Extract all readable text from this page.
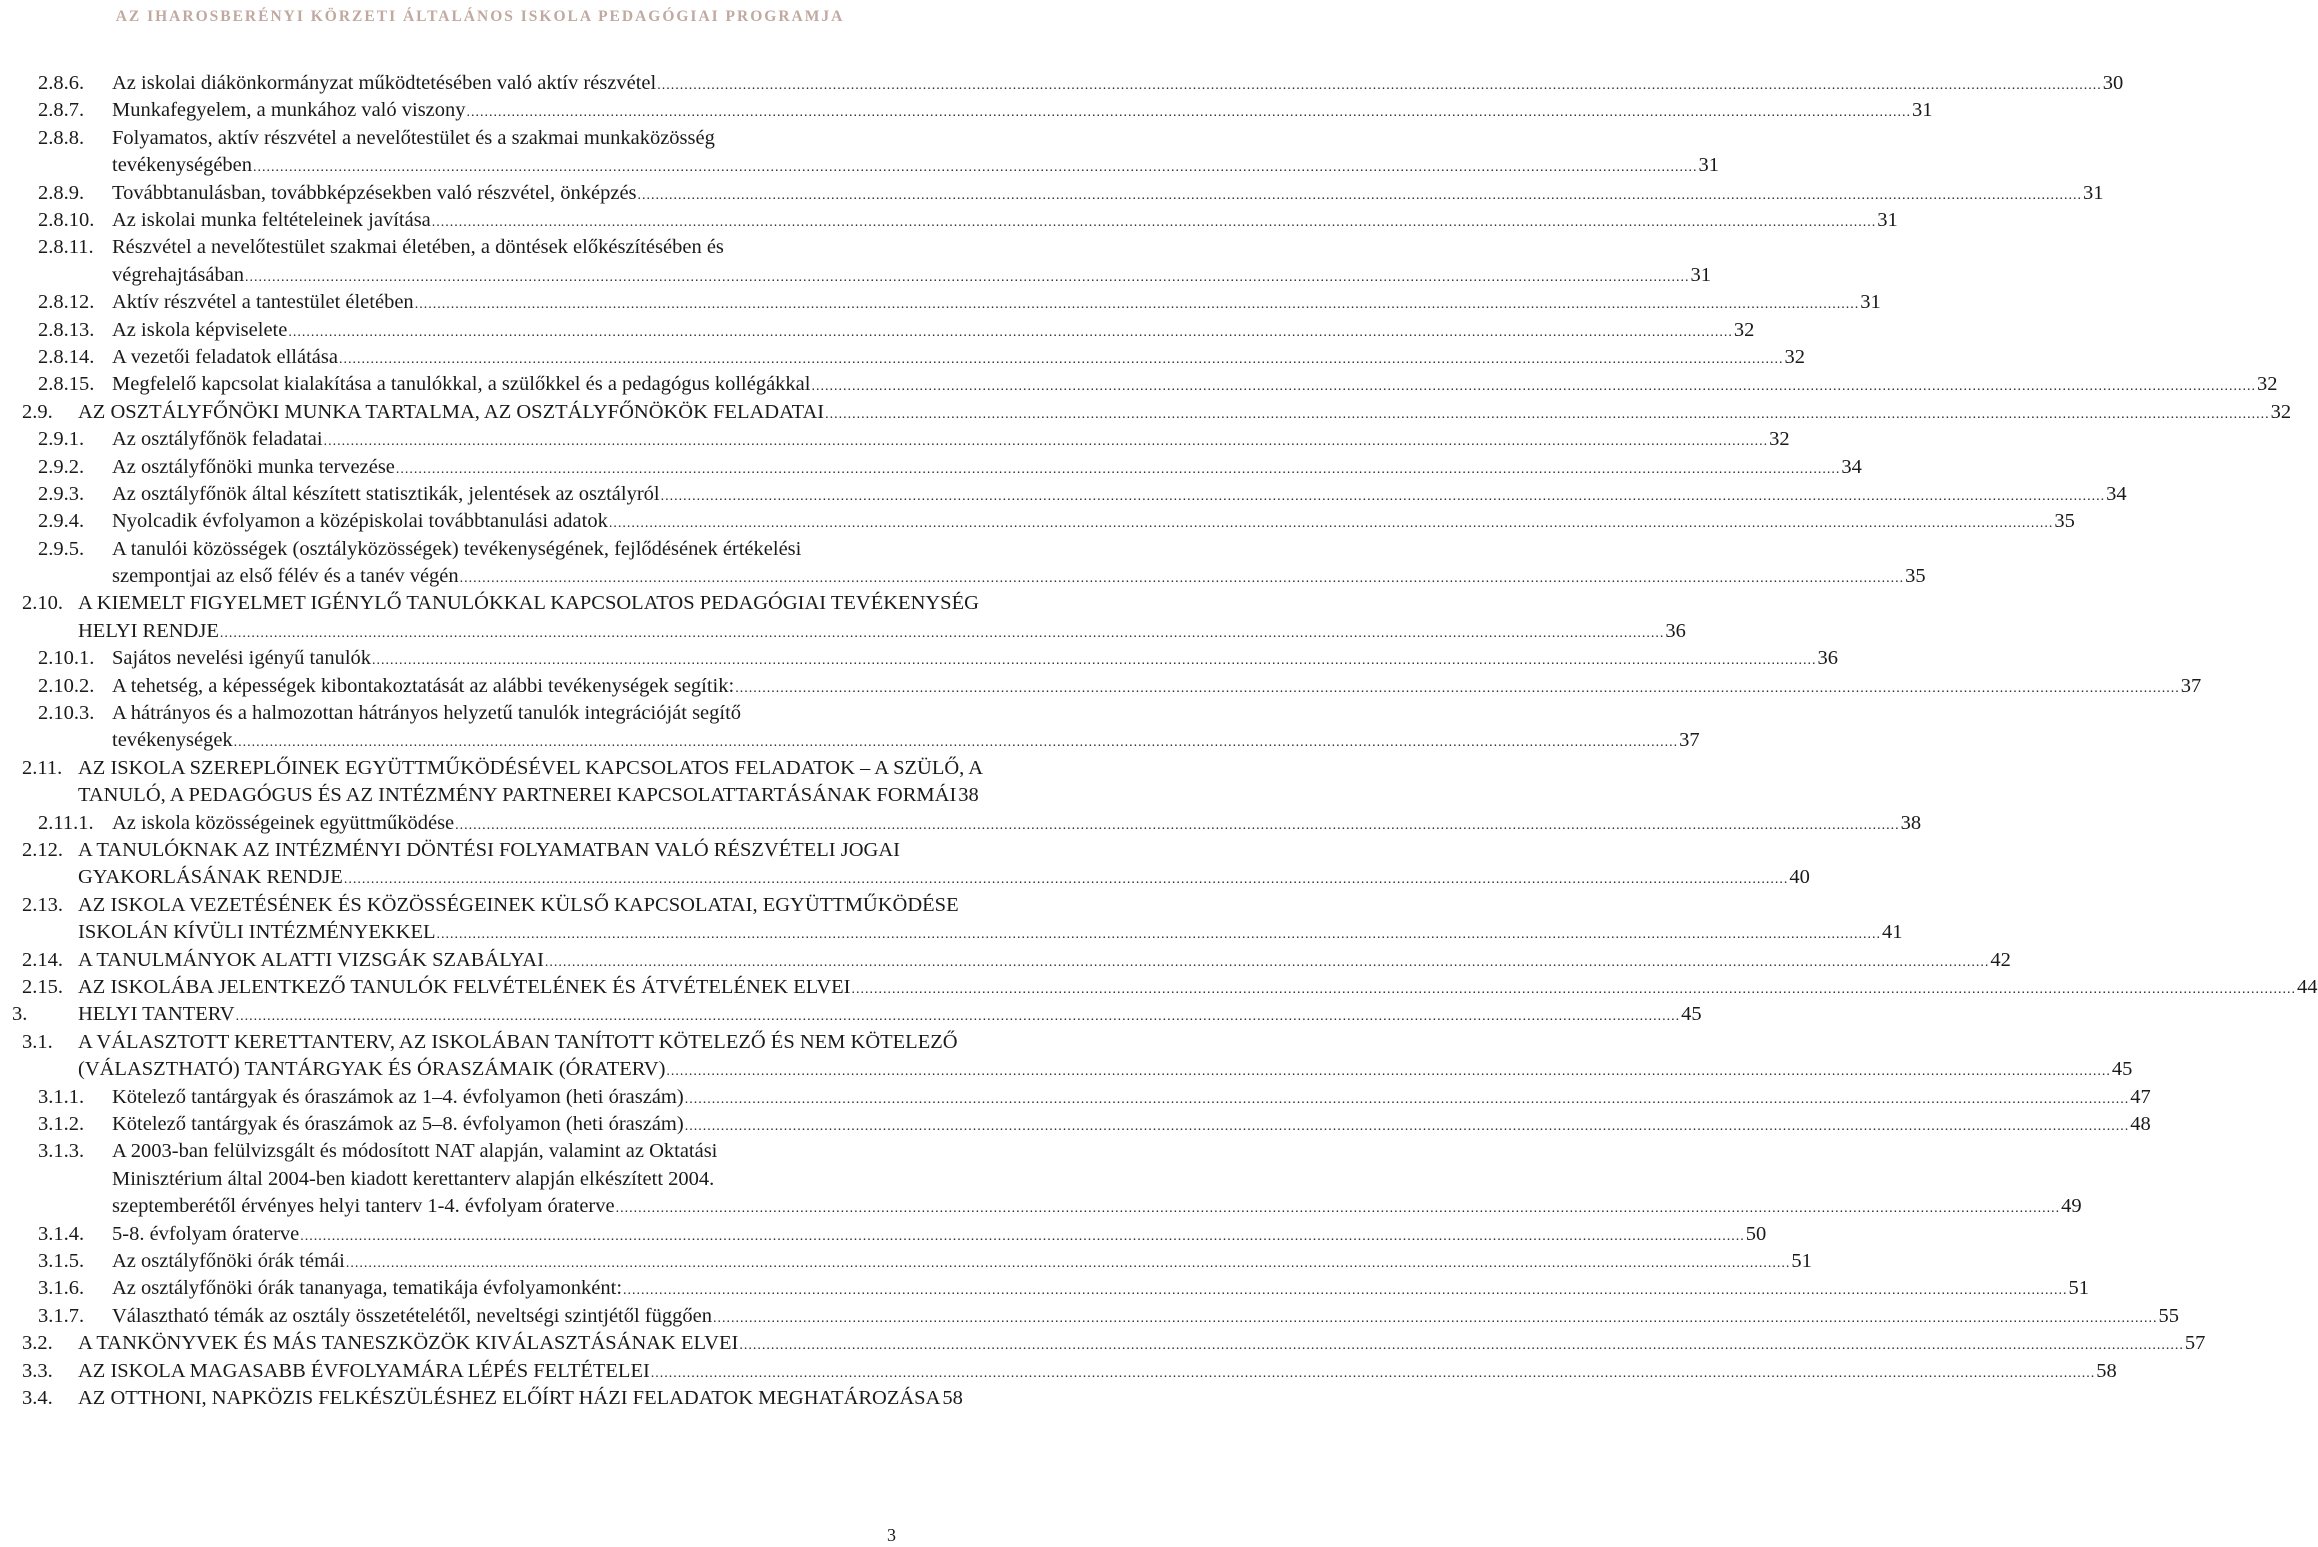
AZ IHAROSBERÉNYI KÖRZETI ÁLTALÁNOS ISKOLA PEDAGÓGIAI PROGRAMJA
2.8.6. Az iskolai diákönkormányzat működtetésében való aktív részvétel .....	30
2.8.7. Munkafegyelem, a munkához való viszony .....	31
2.8.8. Folyamatos, aktív részvétel a nevelőtestület és a szakmai munkaközösség
tevékenységében .....	31
2.8.9. Továbbtanulásban, továbbképzésekben való részvétel, önképzés .....	31
2.8.10. Az iskolai munka feltételeinek javítása .....	31
2.8.11. Részvétel a nevelőtestület szakmai életében, a döntések előkészítésében és
végrehajtásában .....	31
2.8.12. Aktív részvétel a tantestület életében .....	31
2.8.13. Az iskola képviselete .....	32
2.8.14. A vezetői feladatok ellátása .....	32
2.8.15. Megfelelő kapcsolat kialakítása a tanulókkal, a szülőkkel és a pedagógus kollégákkal .....	32
2.9. AZ OSZTÁLYFŐNÖKI MUNKA TARTALMA, AZ OSZTÁLYFŐNÖKÖK FELADATAI .....	32
2.9.1. Az osztályfőnök feladatai .....	32
2.9.2. Az osztályfőnöki munka tervezése .....	34
2.9.3. Az osztályfőnök által készített statisztikák, jelentések az osztályról .....	34
2.9.4. Nyolcadik évfolyamon a középiskolai továbbtanulási adatok .....	35
2.9.5. A tanulói közösségek (osztályközösségek) tevékenységének, fejlődésének értékelési
szempontjai az első félév és a tanév végén .....	35
2.10. A KIEMELT FIGYELMET IGÉNYLŐ TANULÓKKAL KAPCSOLATOS PEDAGÓGIAI TEVÉKENYSÉG
HELYI RENDJE .....	36
2.10.1. Sajátos nevelési igényű tanulók .....	36
2.10.2. A tehetség, a képességek kibontakoztatását az alábbi tevékenységek segítik: .....	37
2.10.3. A hátrányos és a halmozottan hátrányos helyzetű tanulók integrációját segítő
tevékenységek .....	37
2.11. AZ ISKOLA SZEREPLŐINEK EGYÜTTMŰKÖDÉSÉVEL KAPCSOLATOS FELADATOK – A SZÜLŐ, A
TANULÓ, A PEDAGÓGUS ÉS AZ INTÉZMÉNY PARTNEREI KAPCSOLATTARTÁSÁNAK FORMÁI 38
2.11.1. Az iskola közösségeinek együttműködése .....	38
2.12. A TANULÓKNAK AZ INTÉZMÉNYI DÖNTÉSI FOLYAMATBAN VALÓ RÉSZVÉTELI JOGAI
GYAKORLÁSÁNAK RENDJE .....	40
2.13. AZ ISKOLA VEZETÉSÉNEK ÉS KÖZÖSSÉGEINEK KÜLSŐ KAPCSOLATAI, EGYÜTTMŰKÖDÉSE
ISKOLÁN KÍVÜLI INTÉZMÉNYEKKEL .....	41
2.14. A TANULMÁNYOK ALATTI VIZSGÁK SZABÁLYAI .....	42
2.15. AZ ISKOLÁBA JELENTKEZŐ TANULÓK FELVÉTELÉNEK ÉS ÁTVÉTELÉNEK ELVEI .....	44
3. HELYI TANTERV .....	45
3.1. A VÁLASZTOTT KERETTANTERV, AZ ISKOLÁBAN TANÍTOTT KÖTELEZŐ ÉS NEM KÖTELEZŐ
(VÁLASZTHATÓ) TANTÁRGYAK ÉS ÓRASZÁMAIK (ÓRATERV) .....	45
3.1.1. Kötelező tantárgyak és óraszámok az 1–4. évfolyamon (heti óraszám) .....	47
3.1.2. Kötelező tantárgyak és óraszámok az 5–8. évfolyamon (heti óraszám) .....	48
3.1.3. A 2003-ban felülvizsgált és módosított NAT alapján, valamint az Oktatási
Minisztérium által 2004-ben kiadott kerettanterv alapján elkészített 2004.
szeptemberétől érvényes helyi tanterv 1-4. évfolyam óraterve .....	49
3.1.4. 5-8. évfolyam óraterve .....	50
3.1.5. Az osztályfőnöki órák témái .....	51
3.1.6. Az osztályfőnöki órák tananyaga, tematikája évfolyamonként: .....	51
3.1.7. Választható témák az osztály összetételétől, neveltségi szintjétől függően .....	55
3.2. A TANKÖNYVEK ÉS MÁS TANESZKÖZÖK KIVÁLASZTÁSÁNAK ELVEI .....	57
3.3. AZ ISKOLA MAGASABB ÉVFOLYAMÁRA LÉPÉS FELTÉTELEI .....	58
3.4. AZ OTTHONI, NAPKÖZIS FELKÉSZÜLÉSHEZ ELŐÍRT HÁZI FELADATOK MEGHATÁROZÁSA 58
3
